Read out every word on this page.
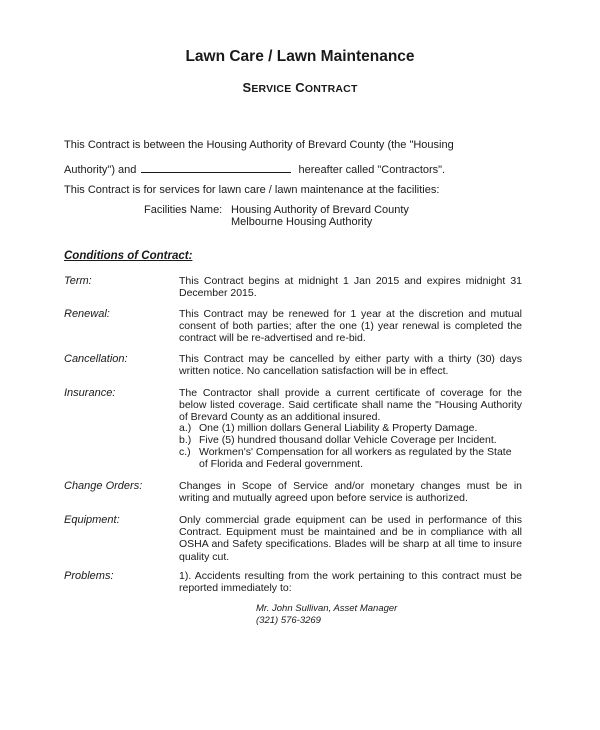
Lawn Care / Lawn Maintenance
SERVICE CONTRACT
This Contract is between the Housing Authority of Brevard County (the "Housing
Authority") and	hereafter called "Contractors".
This Contract is for services for lawn care / lawn maintenance at the facilities:
Facilities Name: Housing Authority of Brevard County
Melbourne Housing Authority
Conditions of Contract:
Term:	This Contract begins at midnight 1 Jan 2015 and expires midnight 31
December 2015.
Renewal:	This Contract may be renewed for 1 year at the discretion and mutual
consent of both parties; after the one (1) year renewal is completed the
contract will be re-advertised and re-bid.
Cancellation:	This Contract may be cancelled by either party with a thirty (30) days
written notice. No cancellation satisfaction will be in effect.
Insurance:	The Contractor shall provide a current certificate of coverage for the
below listed coverage. Said certificate shall name the "Housing Authority
of Brevard County as an additional insured.
a.) One (1) million dollars General Liability & Property Damage.
b.) Five (5) hundred thousand dollar Vehicle Coverage per Incident.
c.) Workmen's' Compensation for all workers as regulated by the State
of Florida and Federal government.
Change Orders:	Changes in Scope of Service and/or monetary changes must be in
writing and mutually agreed upon before service is authorized.
Equipment:	Only commercial grade equipment can be used in performance of this
Contract. Equipment must be maintained and be in compliance with all
OSHA and Safety specifications. Blades will be sharp at all time to insure
quality cut.
Problems:	1). Accidents resulting from the work pertaining to this contract must be
reported immediately to:
Mr. John Sullivan, Asset Manager
(321) 576-3269
